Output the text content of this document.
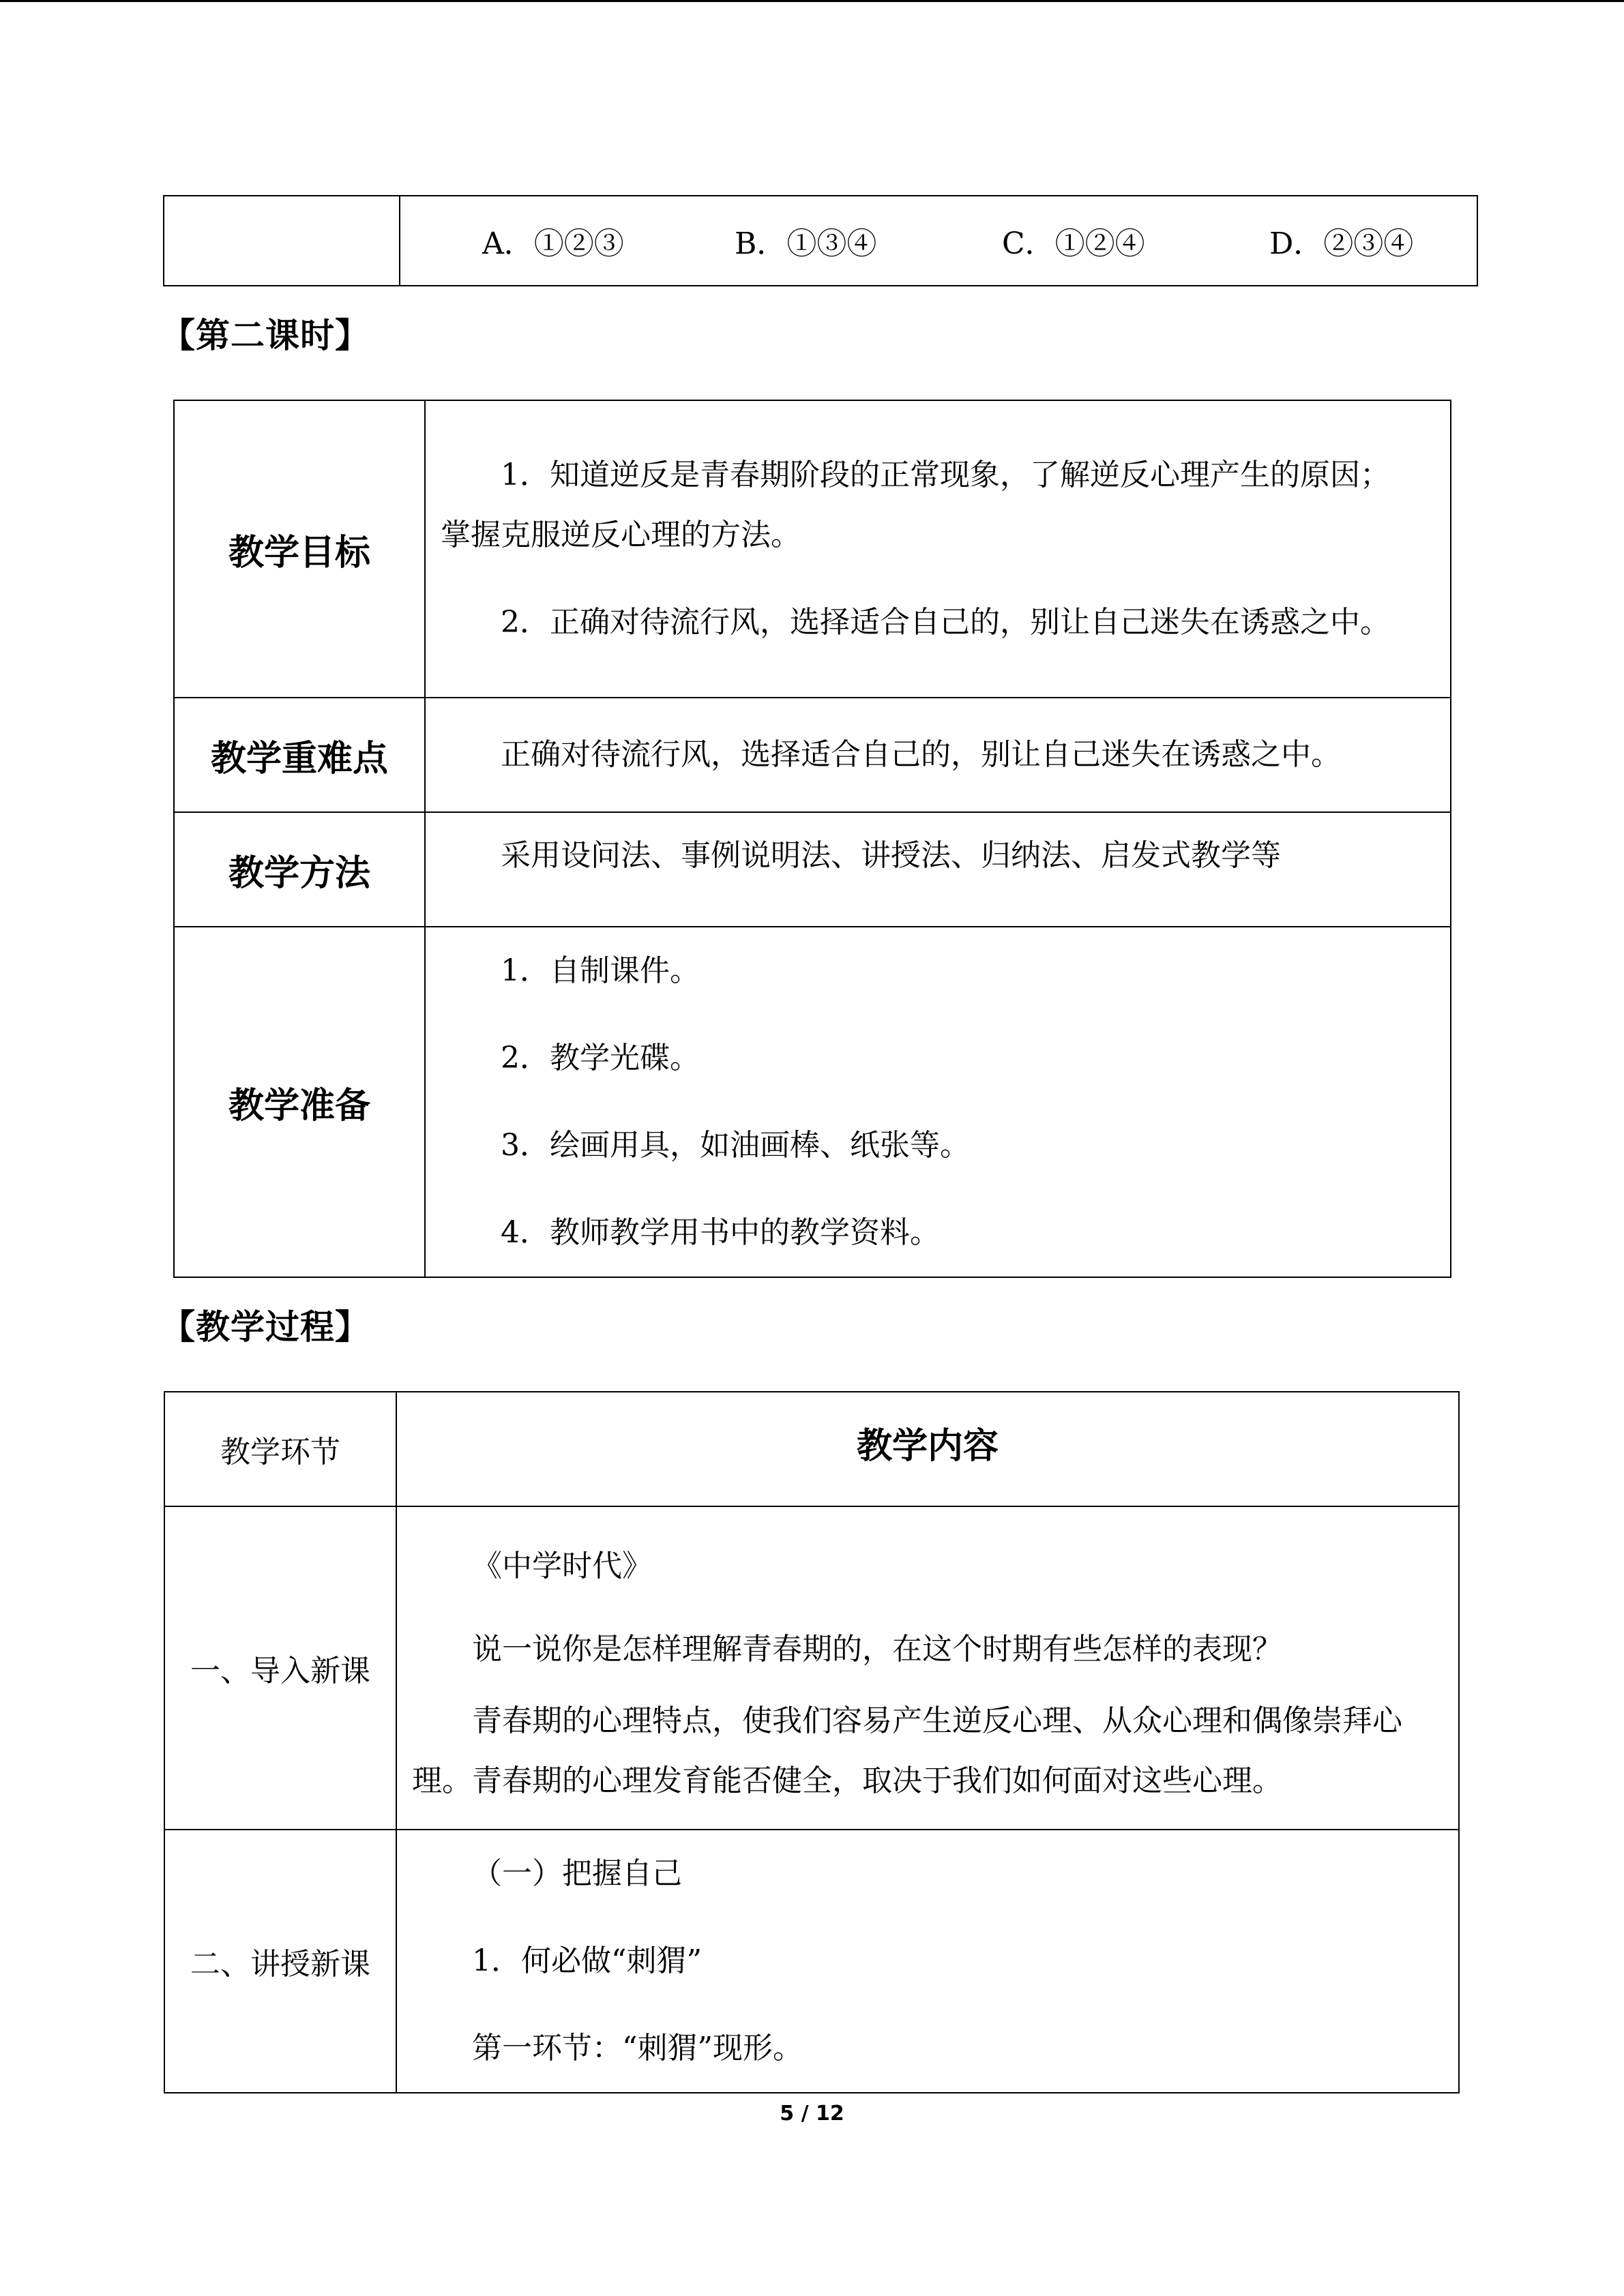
A．①②③	B．①③④	C．①②④	D．②③④
【第二课时】
教学目标	1．知道逆反是青春期阶段的正常现象，了解逆反心理产生的原因；掌握克服逆反心理的方法。

2．正确对待流行风，选择适合自己的，别让自己迷失在诱惑之中。

教学重难点	正确对待流行风，选择适合自己的，别让自己迷失在诱惑之中。

教学方法	采用设问法、事例说明法、讲授法、归纳法、启发式教学等

教学准备	1．自制课件。

2．教学光碟。

3．绘画用具，如油画棒、纸张等。

4．教师教学用书中的教学资料。

【教学过程】
教学环节	教学内容
一、导入新课	《中学时代》

说一说你是怎样理解青春期的，在这个时期有些怎样的表现？

青春期的心理特点，使我们容易产生逆反心理、从众心理和偶像崇拜心理。青春期的心理发育能否健全，取决于我们如何面对这些心理。

二、讲授新课	（一）把握自己

1．何必做“刺猬”

第一环节：“刺猬”现形。

5 / 12
